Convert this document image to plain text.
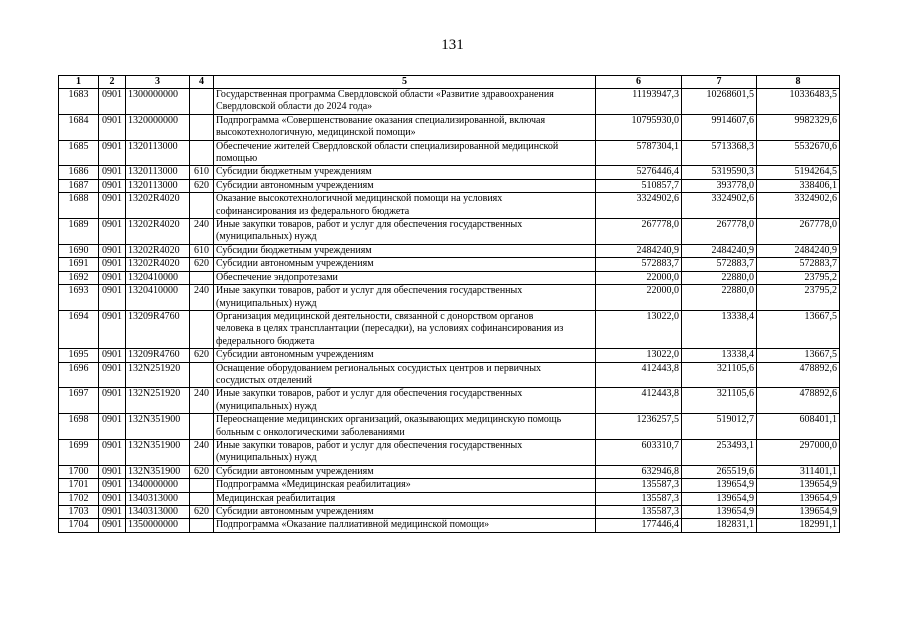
131
1	2	3	4	5	6	7	8
1683	0901	1300000000		Государственная программа Свердловской области «Развитие здравоохранения
Свердловской области до 2024 года»	11193947,3	10268601,5	10336483,5
1684	0901	1320000000		Подпрограмма «Совершенствование оказания специализированной, включая
высокотехнологичную, медицинской помощи»	10795930,0	9914607,6	9982329,6
1685	0901	1320113000		Обеспечение жителей Свердловской области специализированной медицинской
помощью	5787304,1	5713368,3	5532670,6
1686	0901	1320113000	610	Субсидии бюджетным учреждениям	5276446,4	5319590,3	5194264,5
1687	0901	1320113000	620	Субсидии автономным учреждениям	510857,7	393778,0	338406,1
1688	0901	13202R4020		Оказание высокотехнологичной медицинской помощи на условиях
софинансирования из федерального бюджета	3324902,6	3324902,6	3324902,6
1689	0901	13202R4020	240	Иные закупки товаров, работ и услуг для обеспечения государственных
(муниципальных) нужд	267778,0	267778,0	267778,0
1690	0901	13202R4020	610	Субсидии бюджетным учреждениям	2484240,9	2484240,9	2484240,9
1691	0901	13202R4020	620	Субсидии автономным учреждениям	572883,7	572883,7	572883,7
1692	0901	1320410000		Обеспечение эндопротезами	22000,0	22880,0	23795,2
1693	0901	1320410000	240	Иные закупки товаров, работ и услуг для обеспечения государственных
(муниципальных) нужд	22000,0	22880,0	23795,2
1694	0901	13209R4760		Организация медицинской деятельности, связанной с донорством органов
человека в целях трансплантации (пересадки), на условиях софинансирования из
федерального бюджета	13022,0	13338,4	13667,5
1695	0901	13209R4760	620	Субсидии автономным учреждениям	13022,0	13338,4	13667,5
1696	0901	132N251920		Оснащение оборудованием региональных сосудистых центров и первичных
сосудистых отделений	412443,8	321105,6	478892,6
1697	0901	132N251920	240	Иные закупки товаров, работ и услуг для обеспечения государственных
(муниципальных) нужд	412443,8	321105,6	478892,6
1698	0901	132N351900		Переоснащение медицинских организаций, оказывающих медицинскую помощь
больным с онкологическими заболеваниями	1236257,5	519012,7	608401,1
1699	0901	132N351900	240	Иные закупки товаров, работ и услуг для обеспечения государственных
(муниципальных) нужд	603310,7	253493,1	297000,0
1700	0901	132N351900	620	Субсидии автономным учреждениям	632946,8	265519,6	311401,1
1701	0901	1340000000		Подпрограмма «Медицинская реабилитация»	135587,3	139654,9	139654,9
1702	0901	1340313000		Медицинская реабилитация	135587,3	139654,9	139654,9
1703	0901	1340313000	620	Субсидии автономным учреждениям	135587,3	139654,9	139654,9
1704	0901	1350000000		Подпрограмма «Оказание паллиативной медицинской помощи»	177446,4	182831,1	182991,1
